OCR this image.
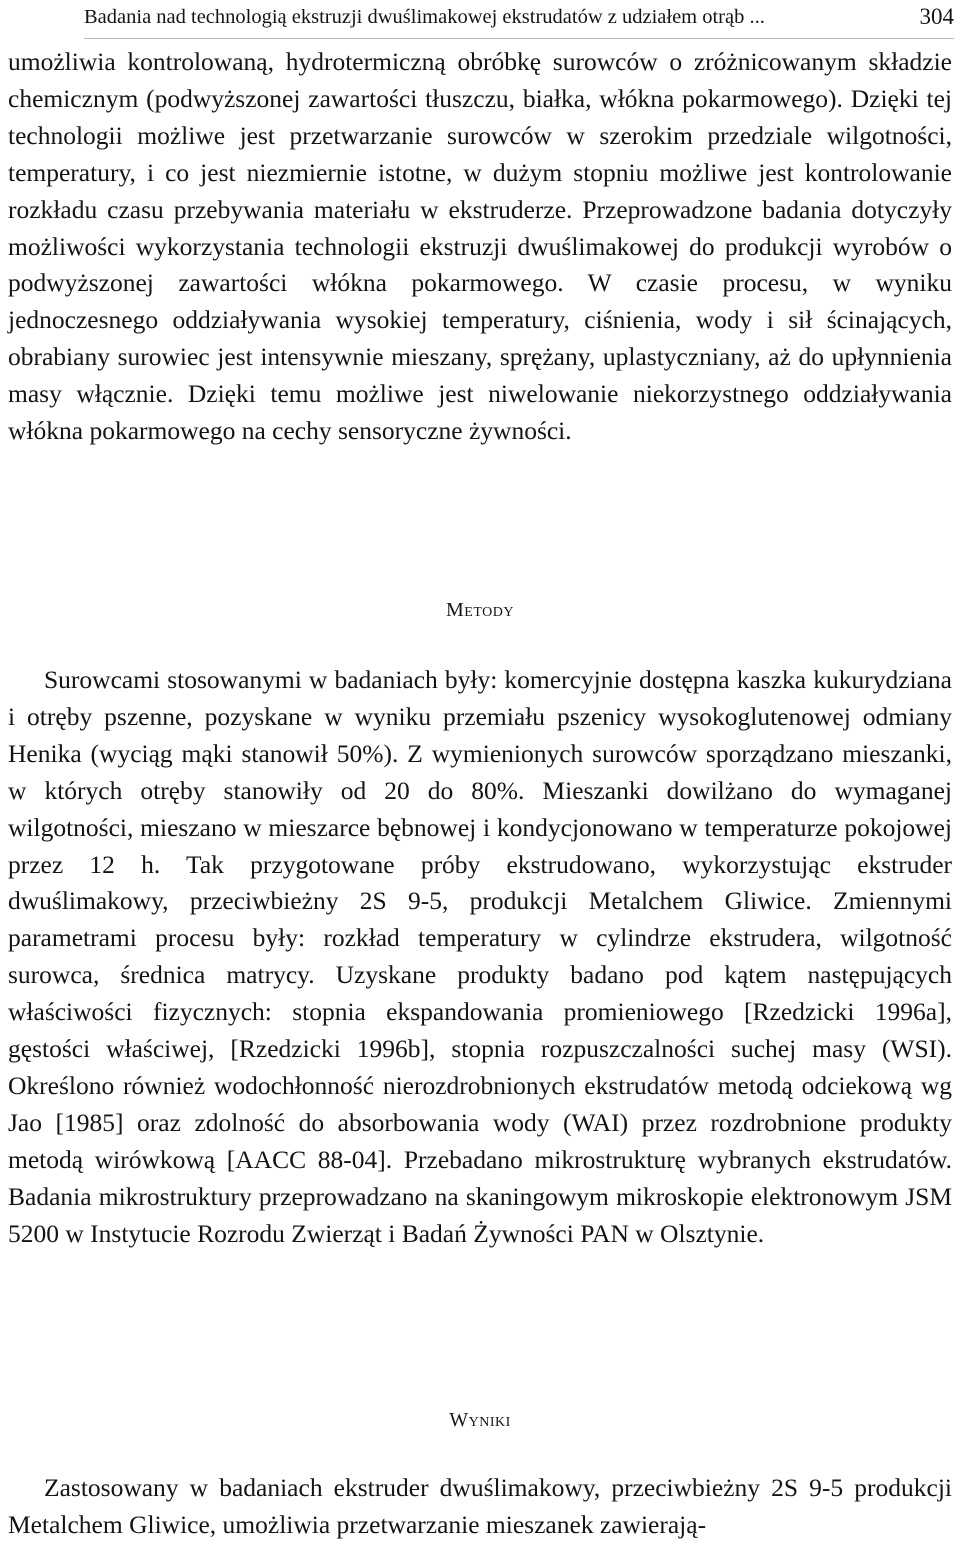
Badania nad technologią ekstruzji dwuślimakowej ekstrudatów z udziałem otrąb ...	304

umożliwia kontrolowaną, hydrotermiczną obróbkę surowców o zróżnicowanym składzie chemicznym (podwyższonej zawartości tłuszczu, białka, włókna pokarmowego). Dzięki tej technologii możliwe jest przetwarzanie surowców w szerokim przedziale wilgotności, temperatury, i co jest niezmiernie istotne, w dużym stopniu możliwe jest kontrolowanie rozkładu czasu przebywania materiału w ekstruderze. Przeprowadzone badania dotyczyły możliwości wykorzystania technologii ekstruzji dwuślimakowej do produkcji wyrobów o podwyższonej zawartości włókna pokarmowego. W czasie procesu, w wyniku jednoczesnego oddziaływania wysokiej temperatury, ciśnienia, wody i sił ścinających, obrabiany surowiec jest intensywnie mieszany, sprężany, uplastyczniany, aż do upłynnienia masy włącznie. Dzięki temu możliwe jest niwelowanie niekorzystnego oddziaływania włókna pokarmowego na cechy sensoryczne żywności.

Metody

Surowcami stosowanymi w badaniach były: komercyjnie dostępna kaszka kukurydziana i otręby pszenne, pozyskane w wyniku przemiału pszenicy wysokoglutenowej odmiany Henika (wyciąg mąki stanowił 50%). Z wymienionych surowców sporządzano mieszanki, w których otręby stanowiły od 20 do 80%. Mieszanki dowilżano do wymaganej wilgotności, mieszano w mieszarce bębnowej i kondycjonowano w temperaturze pokojowej przez 12 h. Tak przygotowane próby ekstrudowano, wykorzystując ekstruder dwuślimakowy, przeciwbieżny 2S 9-5, produkcji Metalchem Gliwice. Zmiennymi parametrami procesu były: rozkład temperatury w cylindrze ekstrudera, wilgotność surowca, średnica matrycy. Uzyskane produkty badano pod kątem następujących właściwości fizycznych: stopnia ekspandowania promieniowego [Rzedzicki 1996a], gęstości właściwej, [Rzedzicki 1996b], stopnia rozpuszczalności suchej masy (WSI). Określono również wodochłonność nierozdrobnionych ekstrudatów metodą odciekową wg Jao [1985] oraz zdolność do absorbowania wody (WAI) przez rozdrobnione produkty metodą wirówkową [AACC 88-04]. Przebadano mikrostrukturę wybranych ekstrudatów. Badania mikrostruktury przeprowadzano na skaningowym mikroskopie elektronowym JSM 5200 w Instytucie Rozrodu Zwierząt i Badań Żywności PAN w Olsztynie.

Wyniki

Zastosowany w badaniach ekstruder dwuślimakowy, przeciwbieżny 2S 9-5 produkcji Metalchem Gliwice, umożliwia przetwarzanie mieszanek zawierają-
